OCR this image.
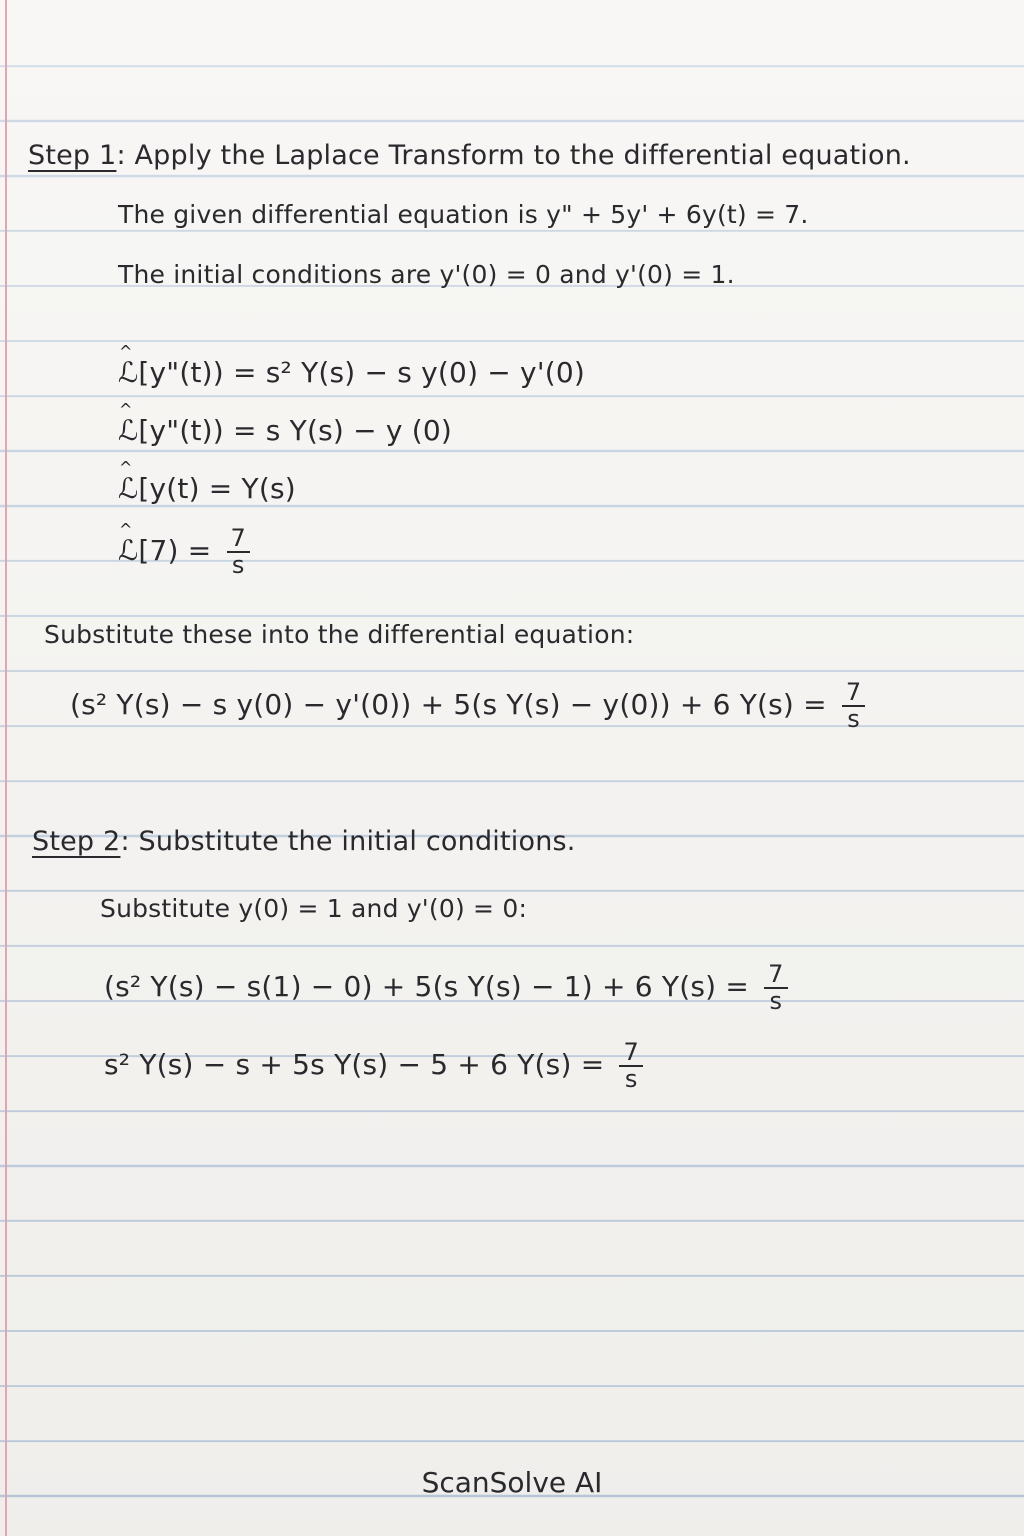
Step 1: Apply the Laplace Transform to the differential equation.
The given differential equation is y" + 5y' + 6y(t) = 7.
The initial conditions are y'(0) = 0 and y'(0) = 1.
^ ℒ[y"(t)) = s² Y(s) − s y(0) − y'(0)
^ ℒ[y"(t)) = s Y(s) − y (0)
^ ℒ[y(t) = Y(s)
^ ℒ[7) = $\frac{7}{s}$
Substitute these into the differential equation:
(s² Y(s) − s y(0) − y'(0)) + 5(s Y(s) − y(0)) + 6 $Y(s) = \frac{7}{s}$
Step 2: Substitute the initial conditions.
Substitute y(0) = 1 and y'(0) = 0:
(s² Y(s) − s(1) − 0) + 5(s Y(s) − 1) + 6 $Y(s) = \frac{7}{s}$
s² Y(s) − s + 5s Y(s) − 5 + 6 $Y(s) = \frac{7}{s}$
ScanSolve AI
